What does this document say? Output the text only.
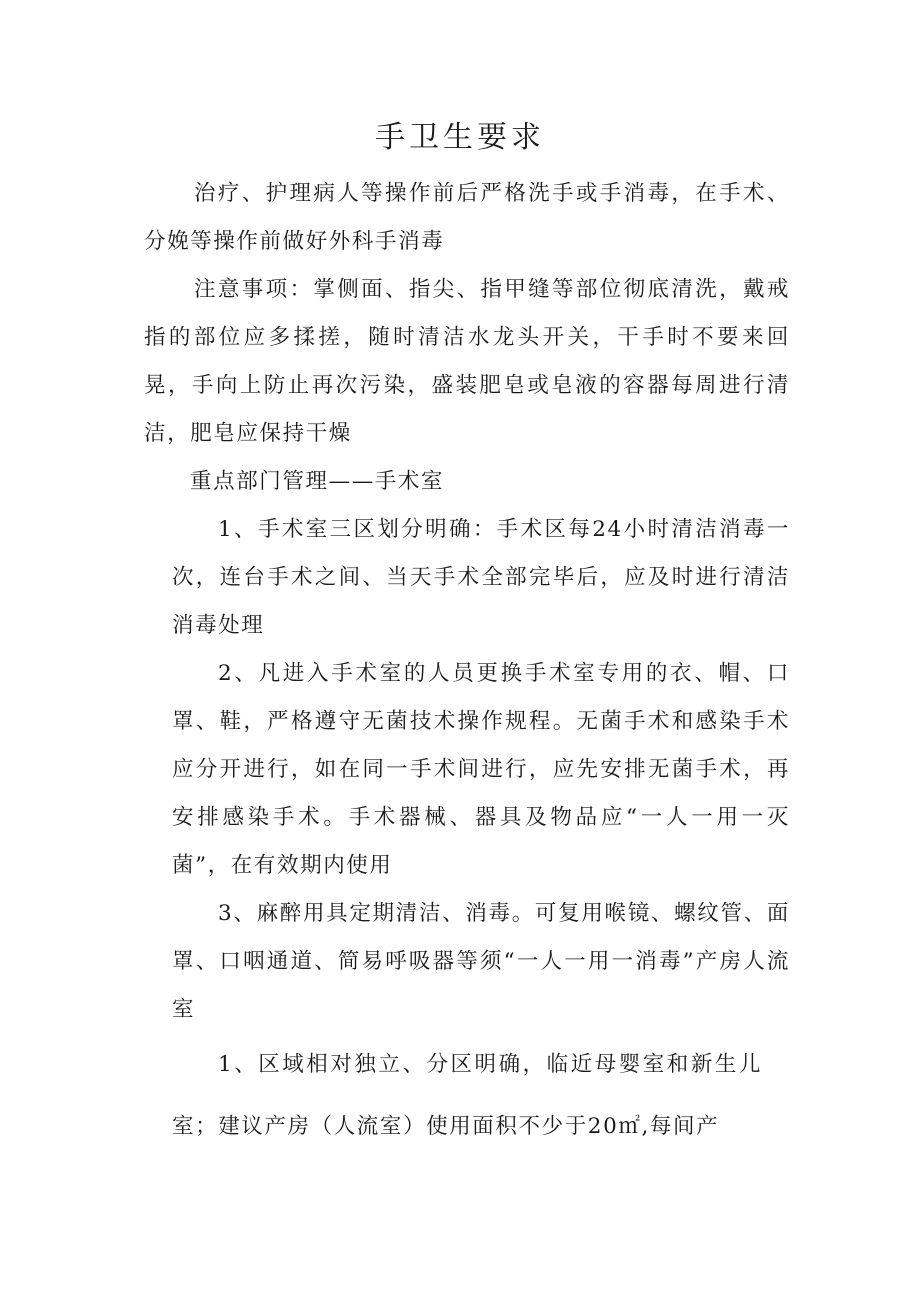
手卫生要求

治疗、护理病人等操作前后严格洗手或手消毒，在手术、分娩等操作前做好外科手消毒

注意事项：掌侧面、指尖、指甲缝等部位彻底清洗，戴戒指的部位应多揉搓，随时清洁水龙头开关，干手时不要来回晃，手向上防止再次污染，盛装肥皂或皂液的容器每周进行清洁，肥皂应保持干燥

重点部门管理——手术室

1、手术室三区划分明确：手术区每24小时清洁消毒一次，连台手术之间、当天手术全部完毕后，应及时进行清洁消毒处理

2、凡进入手术室的人员更换手术室专用的衣、帽、口罩、鞋，严格遵守无菌技术操作规程。无菌手术和感染手术应分开进行，如在同一手术间进行，应先安排无菌手术，再安排感染手术。手术器械、器具及物品应“一人一用一灭菌”，在有效期内使用

3、麻醉用具定期清洁、消毒。可复用喉镜、螺纹管、面罩、口咽通道、简易呼吸器等须“一人一用一消毒”产房人流室

1、区域相对独立、分区明确，临近母婴室和新生儿室；建议产房（人流室）使用面积不少于20㎡,每间产
